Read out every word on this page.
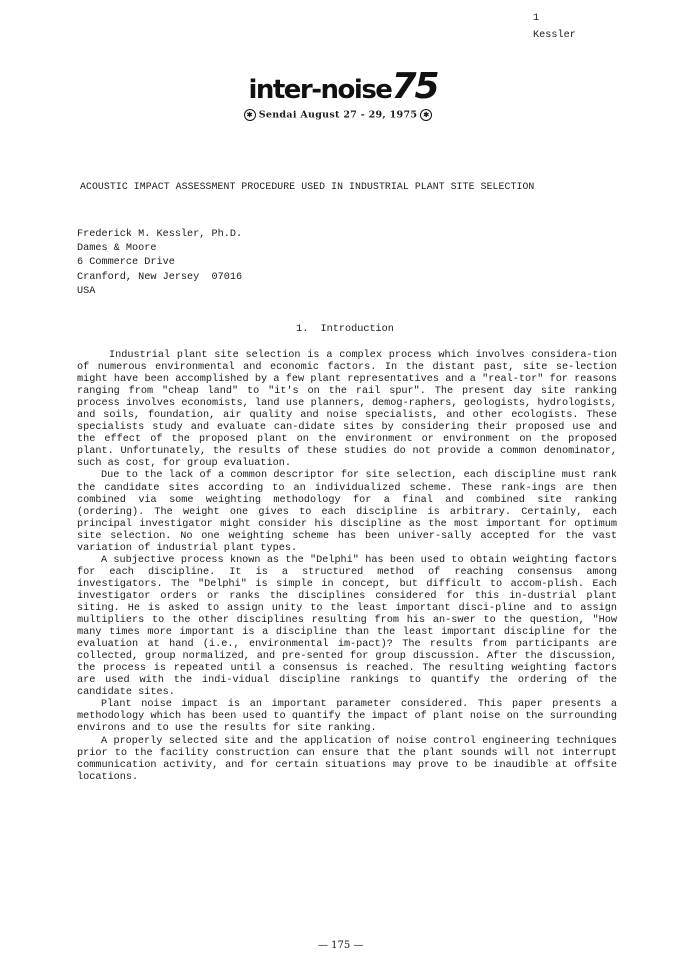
1
Kessler
inter-noise75
✱ Sendai August 27 - 29, 1975 ✱
ACOUSTIC IMPACT ASSESSMENT PROCEDURE USED IN INDUSTRIAL PLANT SITE SELECTION
Frederick M. Kessler, Ph.D.
Dames & Moore
6 Commerce Drive
Cranford, New Jersey  07016
USA
1.  Introduction

Industrial plant site selection is a complex process which involves considera-tion of numerous environmental and economic factors. In the distant past, site se-lection might have been accomplished by a few plant representatives and a "real-tor" for reasons ranging from "cheap land" to "it's on the rail spur". The present day site ranking process involves economists, land use planners, demog-raphers, geologists, hydrologists, and soils, foundation, air quality and noise specialists, and other ecologists. These specialists study and evaluate can-didate sites by considering their proposed use and the effect of the proposed plant on the environment or environment on the proposed plant. Unfortunately, the results of these studies do not provide a common denominator, such as cost, for group evaluation.

Due to the lack of a common descriptor for site selection, each discipline must rank the candidate sites according to an individualized scheme. These rank-ings are then combined via some weighting methodology for a final and combined site ranking (ordering). The weight one gives to each discipline is arbitrary. Certainly, each principal investigator might consider his discipline as the most important for optimum site selection. No one weighting scheme has been univer-sally accepted for the vast variation of industrial plant types.

A subjective process known as the "Delphi" has been used to obtain weighting factors for each discipline. It is a structured method of reaching consensus among investigators. The "Delphi" is simple in concept, but difficult to accom-plish. Each investigator orders or ranks the disciplines considered for this in-dustrial plant siting. He is asked to assign unity to the least important disci-pline and to assign multipliers to the other disciplines resulting from his an-swer to the question, "How many times more important is a discipline than the least important discipline for the evaluation at hand (i.e., environmental im-pact)? The results from participants are collected, group normalized, and pre-sented for group discussion. After the discussion, the process is repeated until a consensus is reached. The resulting weighting factors are used with the indi-vidual discipline rankings to quantify the ordering of the candidate sites.

Plant noise impact is an important parameter considered. This paper presents a methodology which has been used to quantify the impact of plant noise on the surrounding environs and to use the results for site ranking.

A properly selected site and the application of noise control engineering techniques prior to the facility construction can ensure that the plant sounds will not interrupt communication activity, and for certain situations may prove to be inaudible at offsite locations.

— 175 —
